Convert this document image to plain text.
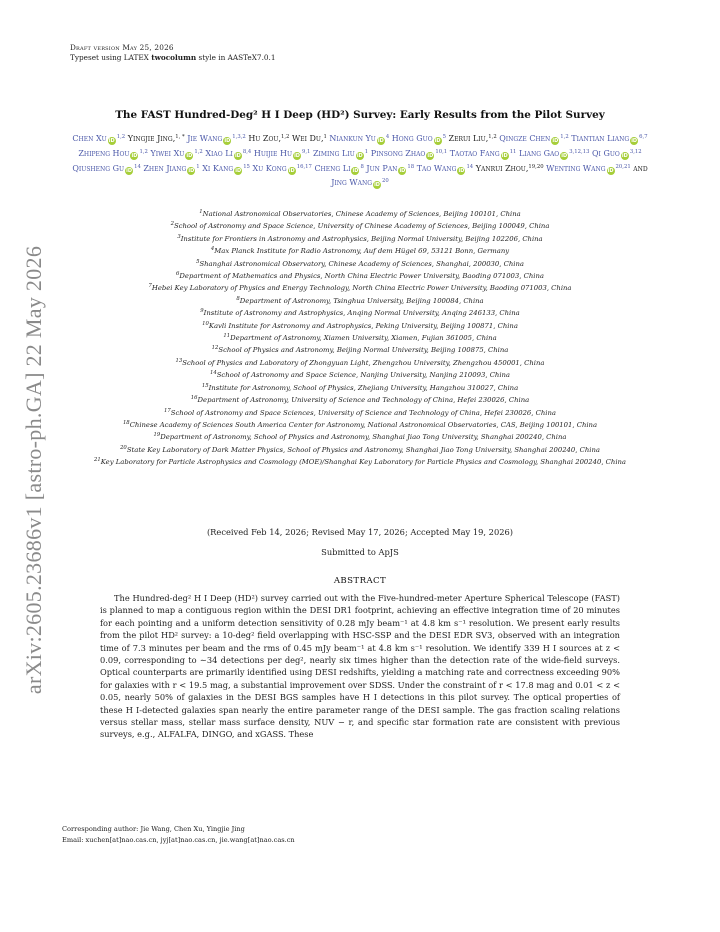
Draft version May 25, 2026
Typeset using LATEX twocolumn style in AASTeX7.0.1
arXiv:2605.23686v1 [astro-ph.GA] 22 May 2026
The FAST Hundred-Deg² H I Deep (HD²) Survey: Early Results from the Pilot Survey
Chen Xu iD$^{1,2}$ Yingjie Jing,$^{1, *}$ Jie Wang iD$^{1,3,2}$ Hu Zou,$^{1,2}$ Wei Du,$^1$ Niankun Yu $iD^4$ Hong Guo $iD^5$ Zerui Liu,$^{1,2}$ Qingze Chen iD$^{1,2}$ Tiantian Liang iD$^{6,7}$ Zhipeng Hou iD$^{1,2}$ Yiwei Xu iD$^{1,2}$ Xiao Li iD$^{8,4}$ Huijie Hu iD$^{9,1}$ Ziming Liu $iD^1$ Pinsong Zhao iD$^{10,1}$ Taotao Fang $iD^{11}$ Liang Gao iD$^{3,12,13}$ Qi Guo iD$^{3,12}$ Qiusheng Gu $iD^{14}$ Zhen Jiang $iD^1$ Xi Kang $iD^{15}$ Xu Kong iD$^{16,17}$ Cheng Li $iD^8$ Jun Pan $iD^{18}$ Tao Wang $iD^{14}$ Yanrui Zhou,$^{19,20}$ Wenting Wang iD$^{20,21}$ and Jing Wang $iD^{20}$
$^1$National Astronomical Observatories, Chinese Academy of Sciences, Beijing 100101, China
$^2$School of Astronomy and Space Science, University of Chinese Academy of Sciences, Beijing 100049, China
$^3$Institute for Frontiers in Astronomy and Astrophysics, Beijing Normal University, Beijing 102206, China
$^4$Max Planck Institute for Radio Astronomy, Auf dem Hügel 69, 53121 Bonn, Germany
$^5$Shanghai Astronomical Observatory, Chinese Academy of Sciences, Shanghai, 200030, China
$^6$Department of Mathematics and Physics, North China Electric Power University, Baoding 071003, China
$^7$Hebei Key Laboratory of Physics and Energy Technology, North China Electric Power University, Baoding 071003, China
$^8$Department of Astronomy, Tsinghua University, Beijing 100084, China
$^9$Institute of Astronomy and Astrophysics, Anqing Normal University, Anqing 246133, China
$^{10}$Kavli Institute for Astronomy and Astrophysics, Peking University, Beijing 100871, China
$^{11}$Department of Astronomy, Xiamen University, Xiamen, Fujian 361005, China
$^{12}$School of Physics and Astronomy, Beijing Normal University, Beijing 100875, China
$^{13}$School of Physics and Laboratory of Zhongyuan Light, Zhengzhou University, Zhengzhou 450001, China
$^{14}$School of Astronomy and Space Science, Nanjing University, Nanjing 210093, China
$^{15}$Institute for Astronomy, School of Physics, Zhejiang University, Hangzhou 310027, China
$^{16}$Department of Astronomy, University of Science and Technology of China, Hefei 230026, China
$^{17}$School of Astronomy and Space Sciences, University of Science and Technology of China, Hefei 230026, China
$^{18}$Chinese Academy of Sciences South America Center for Astronomy, National Astronomical Observatories, CAS, Beijing 100101, China
$^{19}$Department of Astronomy, School of Physics and Astronomy, Shanghai Jiao Tong University, Shanghai 200240, China
$^{20}$State Key Laboratory of Dark Matter Physics, School of Physics and Astronomy, Shanghai Jiao Tong University, Shanghai 200240, China
$^{21}$Key Laboratory for Particle Astrophysics and Cosmology (MOE)/Shanghai Key Laboratory for Particle Physics and Cosmology, Shanghai 200240, China
(Received Feb 14, 2026; Revised May 17, 2026; Accepted May 19, 2026)
Submitted to ApJS
ABSTRACT

The Hundred-deg² H I Deep (HD²) survey carried out with the Five-hundred-meter Aperture Spherical Telescope (FAST) is planned to map a contiguous region within the DESI DR1 footprint, achieving an effective integration time of 20 minutes for each pointing and a uniform detection sensitivity of 0.28 mJy beam⁻¹ at 4.8 km s⁻¹ resolution. We present early results from the pilot HD² survey: a 10-deg² field overlapping with HSC-SSP and the DESI EDR SV3, observed with an integration time of 7.3 minutes per beam and the rms of 0.45 mJy beam⁻¹ at 4.8 km s⁻¹ resolution. We identify 339 H I sources at z < 0.09, corresponding to ∼34 detections per deg², nearly six times higher than the detection rate of the wide-field surveys. Optical counterparts are primarily identified using DESI redshifts, yielding a matching rate and correctness exceeding 90% for galaxies with r < 19.5 mag, a substantial improvement over SDSS. Under the constraint of r < 17.8 mag and 0.01 < z < 0.05, nearly 50% of galaxies in the DESI BGS samples have H I detections in this pilot survey. The optical properties of these H I-detected galaxies span nearly the entire parameter range of the DESI sample. The gas fraction scaling relations versus stellar mass, stellar mass surface density, NUV − r, and specific star formation rate are consistent with previous surveys, e.g., ALFALFA, DINGO, and xGASS. These

Corresponding author: Jie Wang, Chen Xu, Yingjie Jing
Email: xuchen[at]nao.cas.cn, jyj[at]nao.cas.cn, jie.wang[at]nao.cas.cn
